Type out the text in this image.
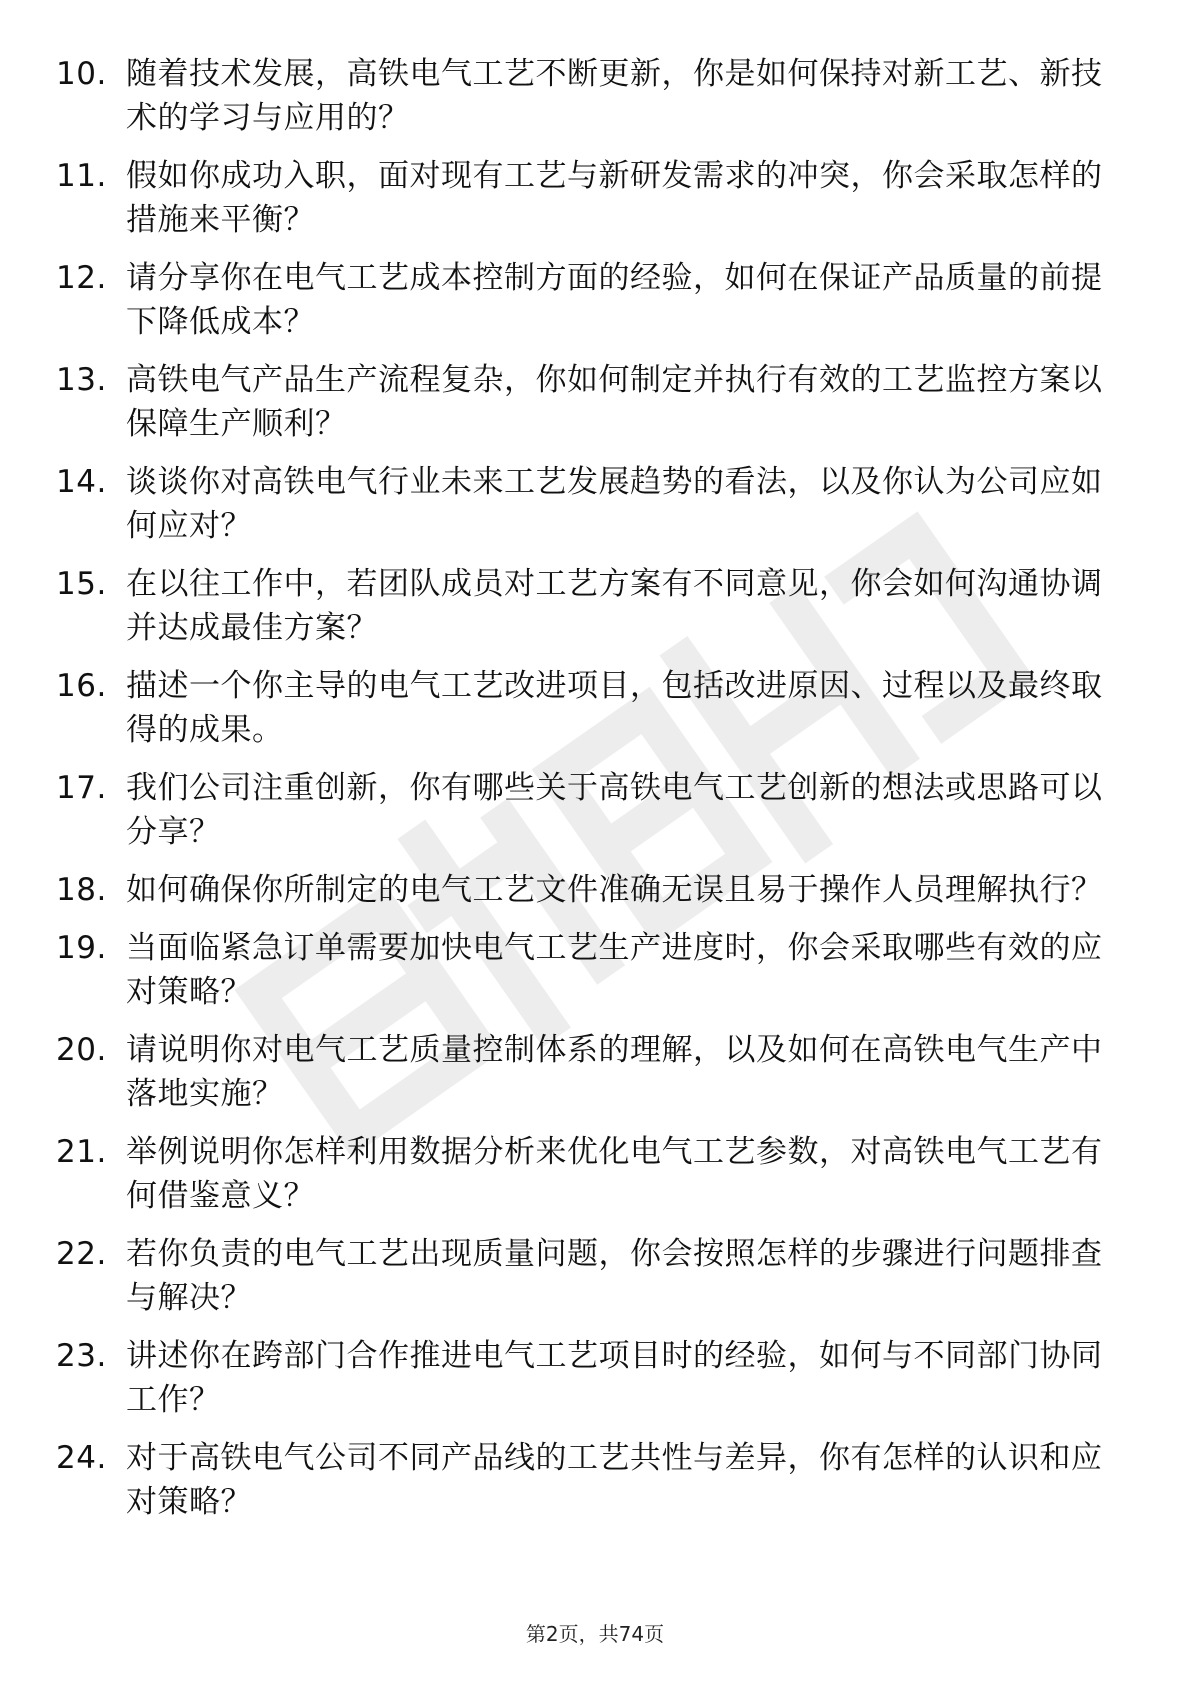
10. 随着技术发展，高铁电气工艺不断更新，你是如何保持对新工艺、新技术的学习与应用的？
11. 假如你成功入职，面对现有工艺与新研发需求的冲突，你会采取怎样的措施来平衡？
12. 请分享你在电气工艺成本控制方面的经验，如何在保证产品质量的前提下降低成本？
13. 高铁电气产品生产流程复杂，你如何制定并执行有效的工艺监控方案以保障生产顺利？
14. 谈谈你对高铁电气行业未来工艺发展趋势的看法，以及你认为公司应如何应对？
15. 在以往工作中，若团队成员对工艺方案有不同意见，你会如何沟通协调并达成最佳方案？
16. 描述一个你主导的电气工艺改进项目，包括改进原因、过程以及最终取得的成果。
17. 我们公司注重创新，你有哪些关于高铁电气工艺创新的想法或思路可以分享？
18. 如何确保你所制定的电气工艺文件准确无误且易于操作人员理解执行？
19. 当面临紧急订单需要加快电气工艺生产进度时，你会采取哪些有效的应对策略？
20. 请说明你对电气工艺质量控制体系的理解，以及如何在高铁电气生产中落地实施？
21. 举例说明你怎样利用数据分析来优化电气工艺参数，对高铁电气工艺有何借鉴意义？
22. 若你负责的电气工艺出现质量问题，你会按照怎样的步骤进行问题排查与解决？
23. 讲述你在跨部门合作推进电气工艺项目时的经验，如何与不同部门协同工作？
24. 对于高铁电气公司不同产品线的工艺共性与差异，你有怎样的认识和应对策略？
第2页，共74页
